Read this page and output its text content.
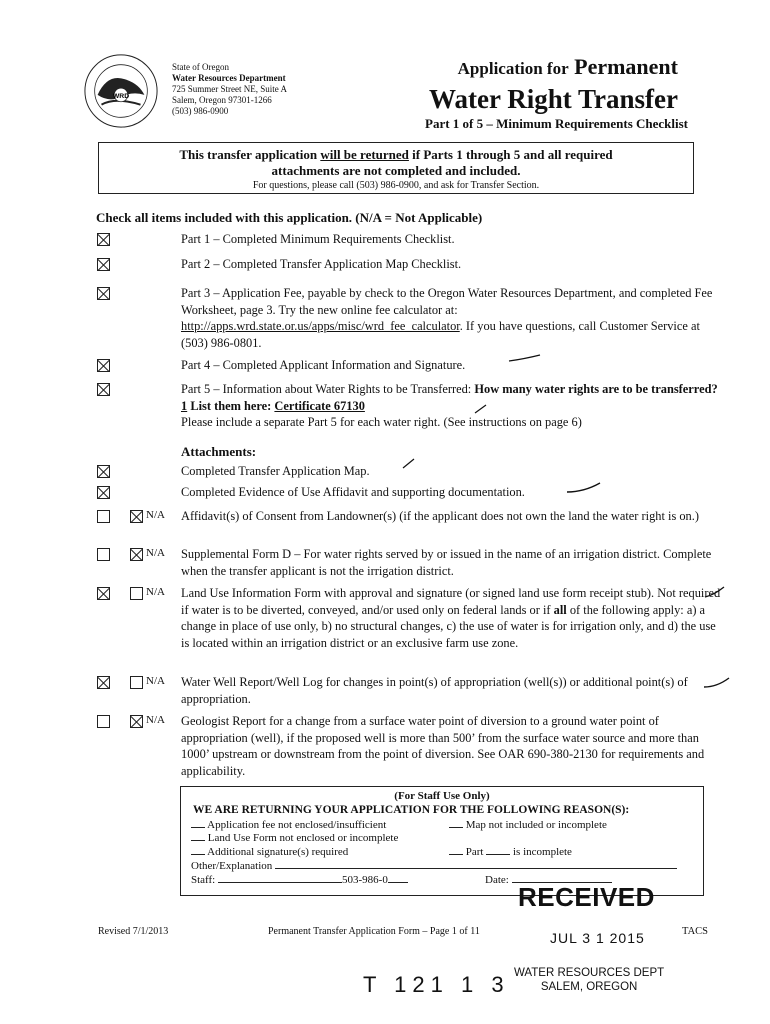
WRD
State of Oregon
Water Resources Department
725 Summer Street NE, Suite A
Salem, Oregon 97301-1266
(503) 986-0900
Application for Permanent
Water Right Transfer
Part 1 of 5 – Minimum Requirements Checklist
This transfer application will be returned if Parts 1 through 5 and all required
attachments are not completed and included.
For questions, please call (503) 986-0900, and ask for Transfer Section.
Check all items included with this application. (N/A = Not Applicable)
Part 1 – Completed Minimum Requirements Checklist.
Part 2 – Completed Transfer Application Map Checklist.
Part 3 – Application Fee, payable by check to the Oregon Water Resources Department, and completed Fee Worksheet, page 3. Try the new online fee calculator at: http://apps.wrd.state.or.us/apps/misc/wrd_fee_calculator. If you have questions, call Customer Service at (503) 986-0801.
Part 4 – Completed Applicant Information and Signature.
Part 5 – Information about Water Rights to be Transferred: How many water rights are to be transferred? 1 List them here: Certificate 67130
Please include a separate Part 5 for each water right. (See instructions on page 6)
Attachments:
Completed Transfer Application Map.
Completed Evidence of Use Affidavit and supporting documentation.
N/A Affidavit(s) of Consent from Landowner(s) (if the applicant does not own the land the water right is on.)
N/A Supplemental Form D – For water rights served by or issued in the name of an irrigation district. Complete when the transfer applicant is not the irrigation district.
N/A Land Use Information Form with approval and signature (or signed land use form receipt stub). Not required if water is to be diverted, conveyed, and/or used only on federal lands or if all of the following apply: a) a change in place of use only, b) no structural changes, c) the use of water is for irrigation only, and d) the use is located within an irrigation district or an exclusive farm use zone.
N/A Water Well Report/Well Log for changes in point(s) of appropriation (well(s)) or additional point(s) of appropriation.
N/A Geologist Report for a change from a surface water point of diversion to a ground water point of appropriation (well), if the proposed well is more than 500’ from the surface water source and more than 1000’ upstream or downstream from the point of diversion. See OAR 690-380-2130 for requirements and applicability.
(For Staff Use Only)
WE ARE RETURNING YOUR APPLICATION FOR THE FOLLOWING REASON(S):
Application fee not enclosed/insufficient	Map not included or incomplete
Land Use Form not enclosed or incomplete
Additional signature(s) required	Part	is incomplete
Other/Explanation
Staff:	503-986-0	Date:
RECEIVED
Revised 7/1/2013	Permanent Transfer Application Form – Page 1 of 11	TACS
JUL 3 1 2015
WATER RESOURCES DEPT
SALEM, OREGON
T 121 1 3
